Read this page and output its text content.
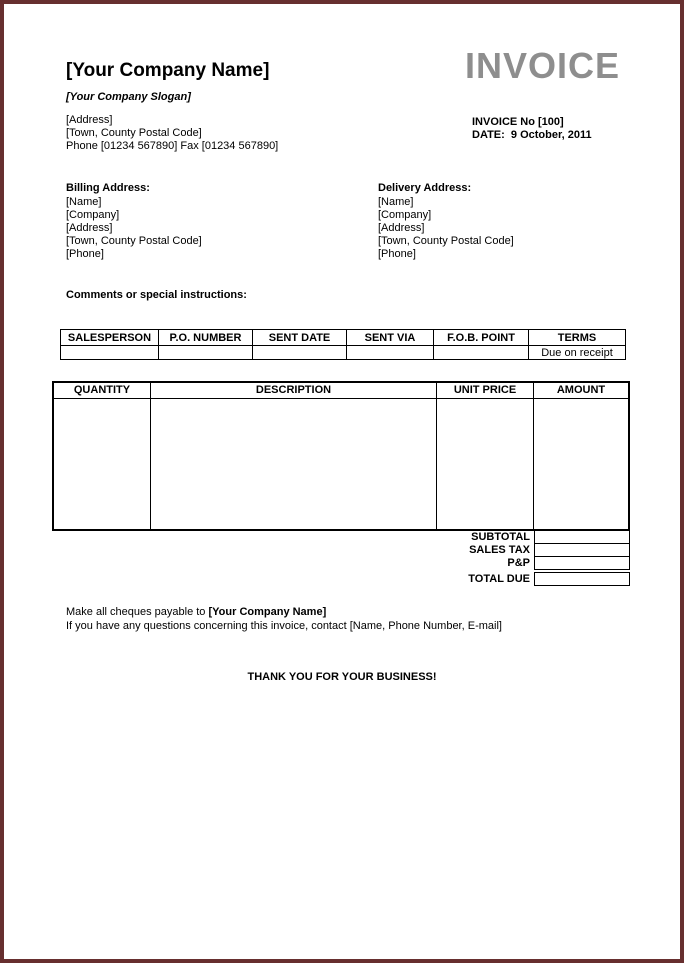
[Your Company Name]
[Your Company Slogan]
[Address]
[Town, County Postal Code]
Phone [01234 567890] Fax [01234 567890]
INVOICE
INVOICE No [100]
DATE:  9 October, 2011
Billing Address:
[Name]
[Company]
[Address]
[Town, County Postal Code]
[Phone]
Delivery Address:
[Name]
[Company]
[Address]
[Town, County Postal Code]
[Phone]
Comments or special instructions:
SALESPERSON	P.O. NUMBER	SENT DATE	SENT VIA	F.O.B. POINT	TERMS
					Due on receipt
QUANTITY	DESCRIPTION	UNIT PRICE	AMOUNT
SUBTOTAL
SALES TAX
P&P
TOTAL DUE
Make all cheques payable to [Your Company Name]
If you have any questions concerning this invoice, contact [Name, Phone Number, E-mail]
THANK YOU FOR YOUR BUSINESS!
